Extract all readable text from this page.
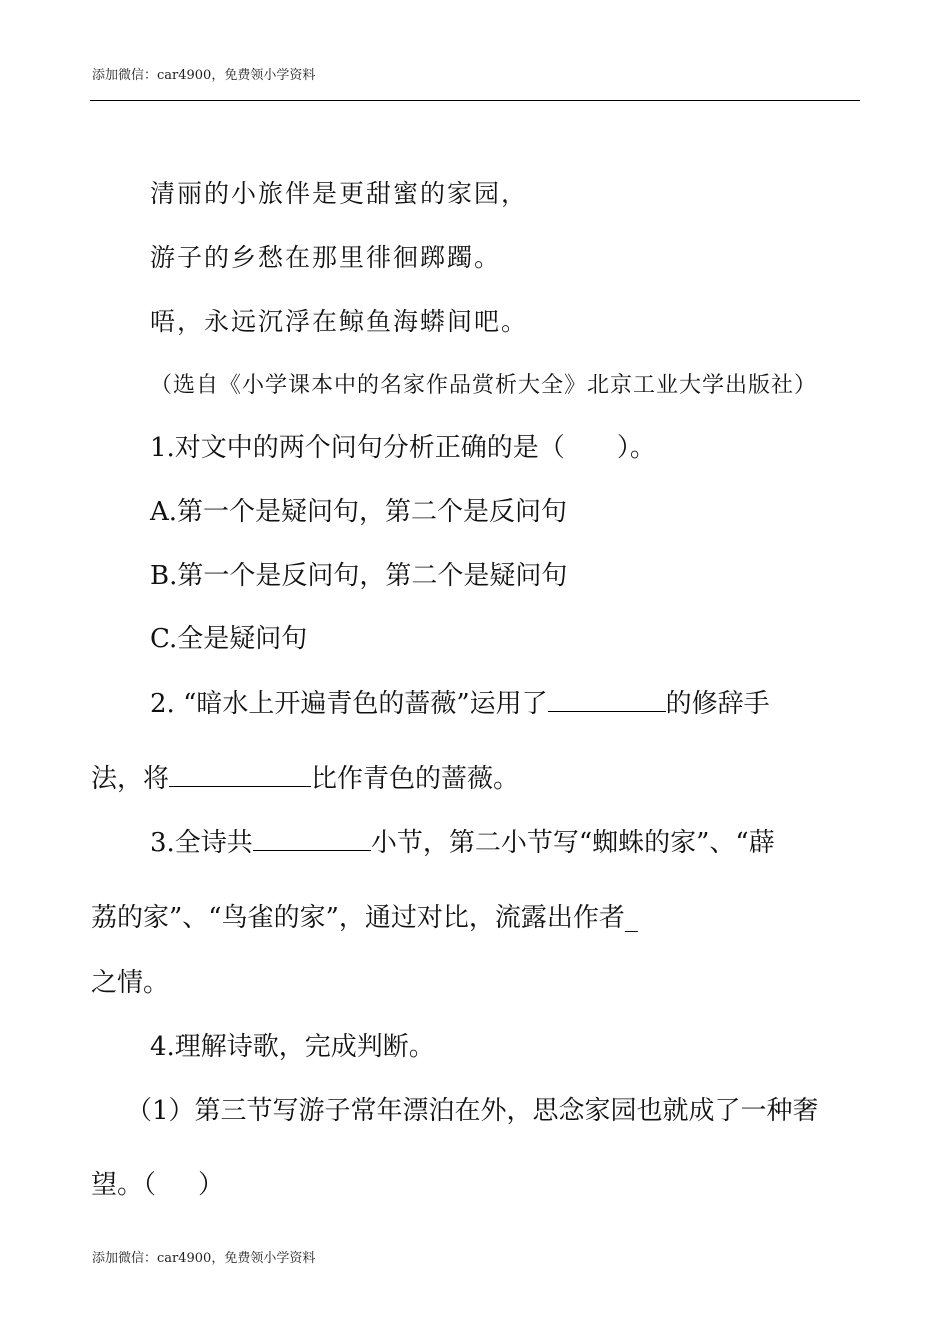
添加微信：car4900，免费领小学资料
清丽的小旅伴是更甜蜜的家园，
游子的乡愁在那里徘徊踯躅。
唔，永远沉浮在鲸鱼海蟒间吧。
（选自《小学课本中的名家作品赏析大全》北京工业大学出版社）
1.对文中的两个问句分析正确的是（ ）。
A.第一个是疑问句，第二个是反问句
B.第一个是反问句，第二个是疑问句
C.全是疑问句
2. “暗水上开遍青色的蔷薇”运用了	的修辞手
法，将	比作青色的蔷薇。
3.全诗共	小节，第二小节写“蜘蛛的家”、“薜
荔的家”、“鸟雀的家”，通过对比，流露出作者_
之情。
4.理解诗歌，完成判断。
（1）第三节写游子常年漂泊在外，思念家园也就成了一种奢
望。（ ）
添加微信：car4900，免费领小学资料
